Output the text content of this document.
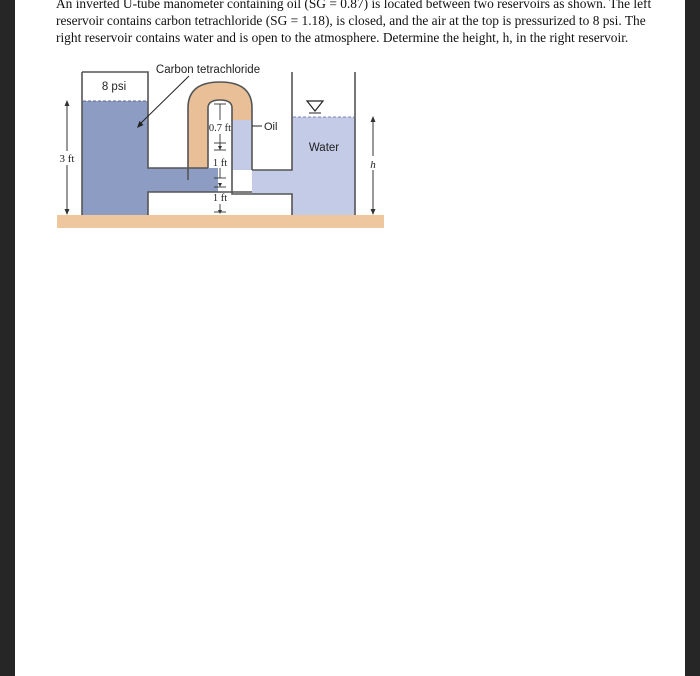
An inverted U-tube manometer containing oil (SG = 0.87) is located between two reservoirs as shown. The left

reservoir contains carbon tetrachloride (SG = 1.18), is closed, and the air at the top is pressurized to 8 psi. The

right reservoir contains water and is open to the atmosphere. Determine the height, h, in the right reservoir.

8 psi
Carbon tetrachloride
Oil
Water
3 ft
0.7 ft
1 ft
1 ft
h
